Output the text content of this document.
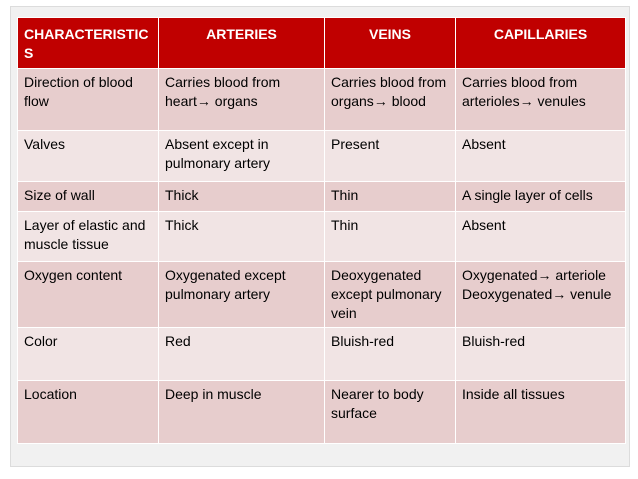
CHARACTERISTICS	ARTERIES	VEINS	CAPILLARIES
Direction of blood flow	Carries blood from heart→ organs	Carries blood from organs→ blood	Carries blood from arterioles→ venules
Valves	Absent except in pulmonary artery	Present	Absent
Size of wall	Thick	Thin	A single layer of cells
Layer of elastic and muscle tissue	Thick	Thin	Absent
Oxygen content	Oxygenated except pulmonary artery	Deoxygenated except pulmonary vein	Oxygenated→ arteriole Deoxygenated→ venule
Color	Red	Bluish-red	Bluish-red
Location	Deep in muscle	Nearer to body surface	Inside all tissues
